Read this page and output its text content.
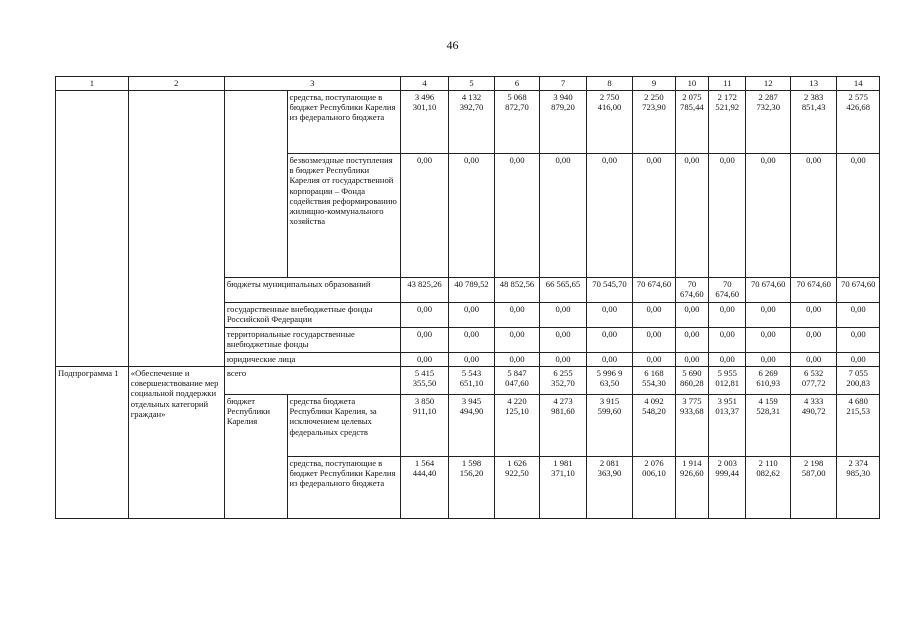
46
1	2	3		4	5	6	7	8	9	10	11	12	13	14
			средства, поступающие в бюджет Республики Карелия из федерального бюджета	3 496 301,10	4 132 392,70	5 068 872,70	3 940 879,20	2 750 416,00	2 250 723,90	2 075 785,44	2 172 521,92	2 287 732,30	2 383 851,43	2 575 426,68
			безвозмездные поступления в бюджет Республики Карелия от государственной корпорации – Фонда содействия реформированию жилищно-коммунального хозяйства	0,00	0,00	0,00	0,00	0,00	0,00	0,00	0,00	0,00	0,00	0,00
		бюджеты муниципальных образований		43 825,26	40 789,52	48 852,56	66 565,65	70 545,70	70 674,60	70 674,60	70 674,60	70 674,60	70 674,60	70 674,60
		государственные внебюджетные фонды Российской Федерации		0,00	0,00	0,00	0,00	0,00	0,00	0,00	0,00	0,00	0,00	0,00
		территориальные государственные внебюджетные фонды		0,00	0,00	0,00	0,00	0,00	0,00	0,00	0,00	0,00	0,00	0,00
		юридические лица		0,00	0,00	0,00	0,00	0,00	0,00	0,00	0,00	0,00	0,00	0,00
Подпрограмма 1	«Обеспечение и совершенствование мер социальной поддержки отдельных категорий граждан»	всего		5 415 355,50	5 543 651,10	5 847 047,60	6 255 352,70	5 996 9 63,50	6 168 554,30	5 690 860,28	5 955 012,81	6 269 610,93	6 532 077,72	7 055 200,83
		бюджет Республики Карелия	средства бюджета Республики Карелия, за исключением целевых федеральных средств	3 850 911,10	3 945 494,90	4 220 125,10	4 273 981,60	3 915 599,60	4 092 548,20	3 775 933,68	3 951 013,37	4 159 528,31	4 333 490,72	4 680 215,53
			средства, поступающие в бюджет Республики Карелия из федерального бюджета	1 564 444,40	1 598 156,20	1 626 922,50	1 981 371,10	2 081 363,90	2 076 006,10	1 914 926,60	2 003 999,44	2 110 082,62	2 198 587,00	2 374 985,30
